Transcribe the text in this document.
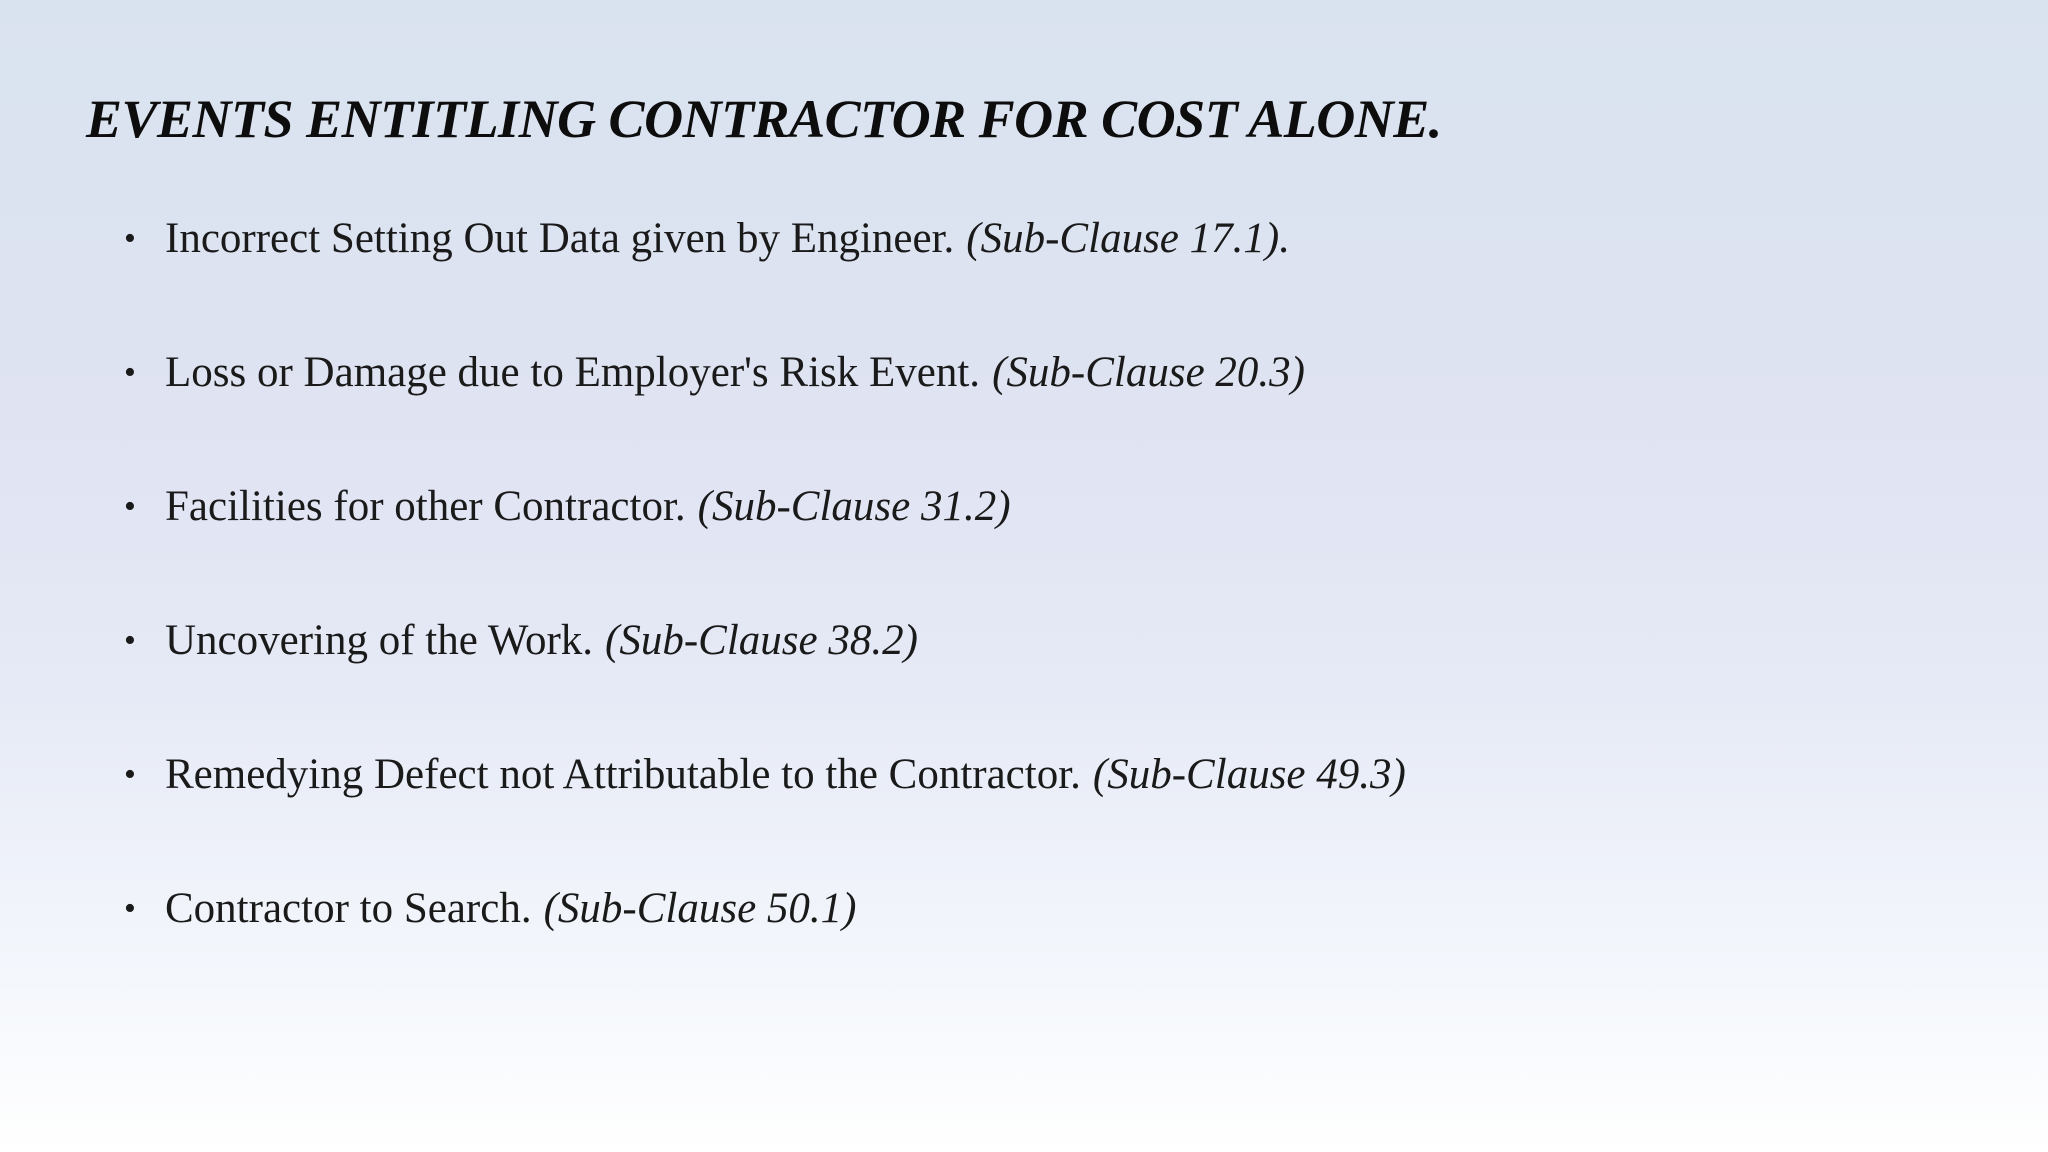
EVENTS ENTITLING CONTRACTOR FOR COST ALONE.
• Incorrect Setting Out Data given by Engineer. (Sub-Clause 17.1).
• Loss or Damage due to Employer's Risk Event. (Sub-Clause 20.3)
• Facilities for other Contractor. (Sub-Clause 31.2)
• Uncovering of the Work. (Sub-Clause 38.2)
• Remedying Defect not Attributable to the Contractor. (Sub-Clause 49.3)
• Contractor to Search. (Sub-Clause 50.1)
